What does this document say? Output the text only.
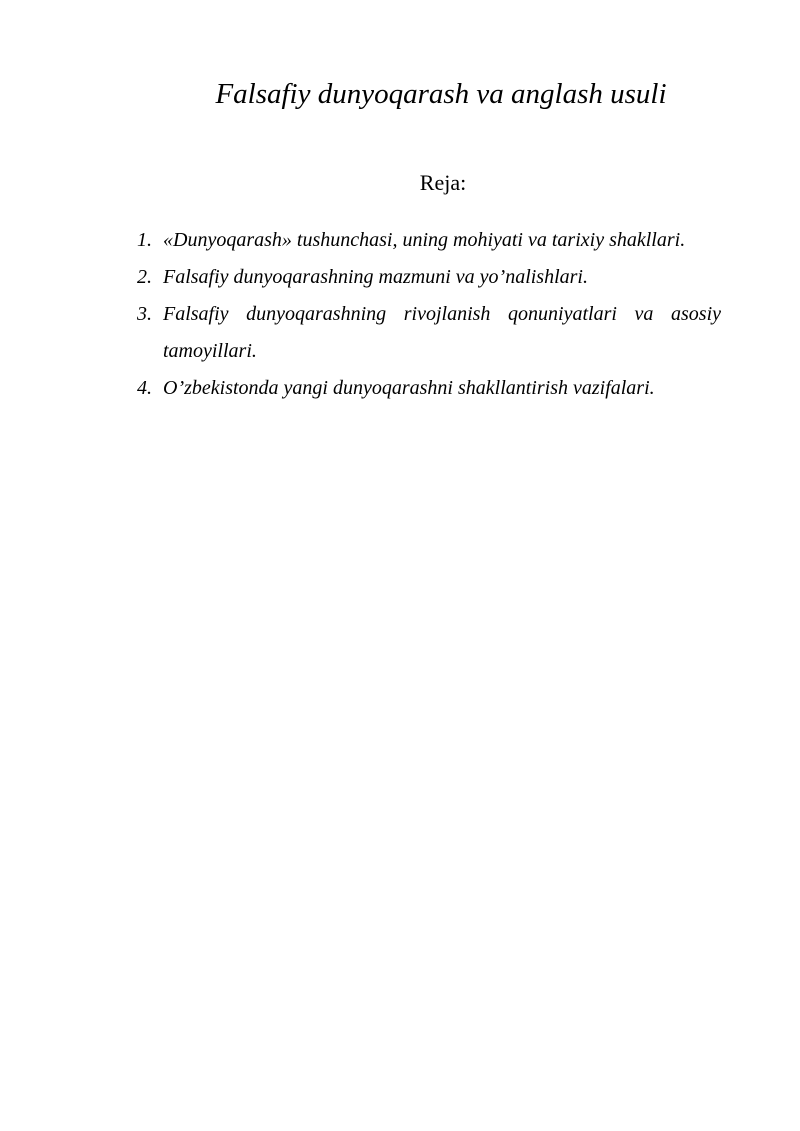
Falsafiy dunyoqarash va anglash usuli
Reja:
1. «Dunyoqarash» tushunchasi, uning mohiyati va tarixiy shakllari.
2. Falsafiy dunyoqarashning mazmuni va yo’nalishlari.
3. Falsafiy dunyoqarashning rivojlanish qonuniyatlari va asosiy tamoyillari.
4. O’zbekistonda yangi dunyoqarashni shakllantirish vazifalari.
